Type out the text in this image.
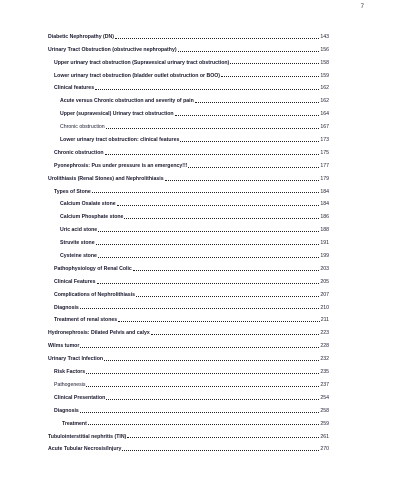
7
Diabetic Nephropathy (DN)	143
Urinary Tract Obstruction (obstructive nephropathy)	156
Upper urinary tract obstruction (Supravesical urinary tract obstruction)	158
Lower urinary tract obstruction (bladder outlet obstruction or BOO)	159
Clinical features	162
Acute versus Chronic obstruction and severity of pain	162
Upper (supravesical) Urinary tract obstruction	164
Chronic obstruction	167
Lower urinary tract obstruction: clinical features	173
Chronic obstruction	175
Pyonephrosis: Pus under pressure is an emergency!!!	177
Urolithiasis (Renal Stones) and Nephrolithiasis	179
Types of Stone	184
Calcium Oxalate stone	184
Calcium Phosphate stone	186
Uric acid stone	188
Struvite stone	191
Cysteine stone	199
Pathophysiology of Renal Colic	203
Clinical Features	205
Complications of Nephrolithiasis	207
Diagnosis	210
Treatment of renal stones	211
Hydronephrosis: Dilated Pelvis and calyx	223
Wilms tumor	228
Urinary Tract Infection	232
Risk Factors	235
Pathogenesis	237
Clinical Presentation	254
Diagnosis	258
Treatment	259
Tubulointerstitial nephritis (TIN)	261
Acute Tubular Necrosis/Injury	270
